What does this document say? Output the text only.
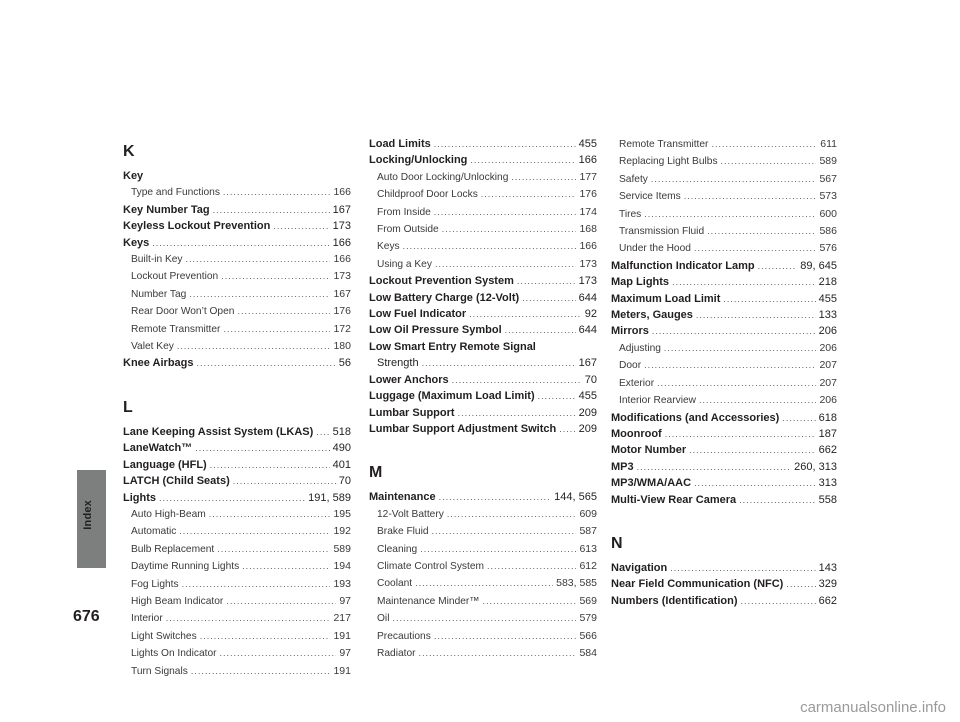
Index
676
K
Key
Type and Functions .....	166
Key Number Tag .....	167
Keyless Lockout Prevention .....	173
Keys .....	166
Built-in Key .....	166
Lockout Prevention .....	173
Number Tag .....	167
Rear Door Won’t Open .....	176
Remote Transmitter .....	172
Valet Key .....	180
Knee Airbags .....	56
L
Lane Keeping Assist System (LKAS) ..... 518
LaneWatch™ .....	490
Language (HFL) .....	401
LATCH (Child Seats) .....	70
Lights .....	191, 589
Auto High-Beam .....	195
Automatic .....	192
Bulb Replacement .....	589
Daytime Running Lights .....	194
Fog Lights .....	193
High Beam Indicator .....	97
Interior .....	217
Light Switches .....	191
Lights On Indicator .....	97
Turn Signals .....	191
Load Limits .....	455
Locking/Unlocking .....	166
Auto Door Locking/Unlocking .....	177
Childproof Door Locks .....	176
From Inside .....	174
From Outside .....	168
Keys .....	166
Using a Key .....	173
Lockout Prevention System .....	173
Low Battery Charge (12-Volt) .....	644
Low Fuel Indicator .....	92
Low Oil Pressure Symbol .....	644
Low Smart Entry Remote Signal
Strength .....	167
Lower Anchors .....	70
Luggage (Maximum Load Limit) .....	455
Lumbar Support .....	209
Lumbar Support Adjustment Switch ..... 209
M
Maintenance .....	144, 565
12-Volt Battery .....	609
Brake Fluid .....	587
Cleaning .....	613
Climate Control System .....	612
Coolant .....	583, 585
Maintenance Minder™ .....	569
Oil .....	579
Precautions .....	566
Radiator .....	584
Remote Transmitter .....	611
Replacing Light Bulbs .....	589
Safety .....	567
Service Items .....	573
Tires .....	600
Transmission Fluid .....	586
Under the Hood .....	576
Malfunction Indicator Lamp .....	89, 645
Map Lights .....	218
Maximum Load Limit .....	455
Meters, Gauges .....	133
Mirrors .....	206
Adjusting .....	206
Door .....	207
Exterior .....	207
Interior Rearview .....	206
Modifications (and Accessories) .....	618
Moonroof .....	187
Motor Number .....	662
MP3 .....	260, 313
MP3/WMA/AAC .....	313
Multi-View Rear Camera .....	558
N
Navigation .....	143
Near Field Communication (NFC) .....	329
Numbers (Identification) .....	662
carmanualsonline.info
